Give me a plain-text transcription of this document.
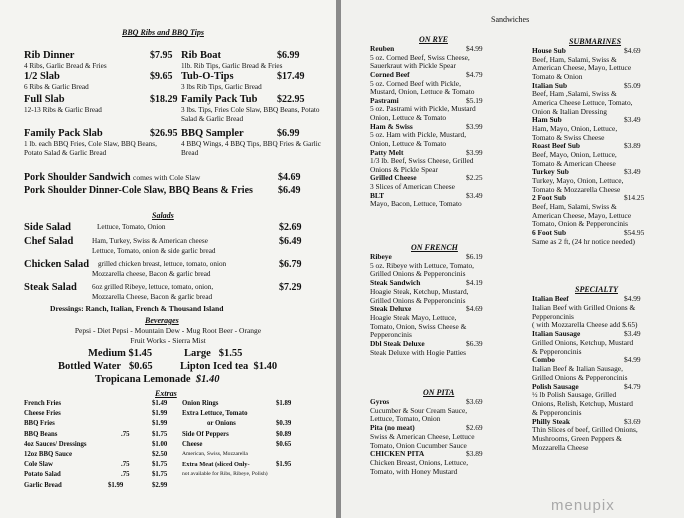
BBQ Ribs and BBQ Tips
Pork Shoulder Sandwich comes with Cole Slaw	$4.69
Pork Shoulder Dinner-Cole Slaw, BBQ Beans & Fries	$6.49
Salads
Dressings: Ranch, Italian, French & Thousand Island
Beverages
Pepsi - Diet Pepsi - Mountain Dew - Mug Root Beer - Orange
Fruit Works - Sierra Mist
Medium $1.45	Large $1.55
Bottled Water $0.65	Lipton Iced tea $1.40
Tropicana Lemonade $1.40
Extras
Rib Dinner	$7.95
4 Ribs, Garlic Bread & Fries
Rib Boat	$6.99
1lb. Rib Tips, Garlic Bread & Fries
1/2 Slab	$9.65
6 Ribs & Garlic Bread
Tub-O-Tips	$17.49
3 lbs Rib Tips, Garlic Bread
Full Slab	$18.29
12-13 Ribs & Garlic Bread
Family Pack Tub $22.95
3 lbs. Tips, Fries Cole Slaw, BBQ Beans, Potato Salad & Garlic Bread
Family Pack Slab	$26.95
1 lb. each BBQ Fries, Cole Slaw, BBQ Beans, Potato Salad & Garlic Bread
BBQ Sampler	$6.99
4 BBQ Wings, 4 BBQ Tips, BBQ Fries & Garlic Bread
Side Salad	Lettuce, Tomato, Onion	$2.69
Chef Salad	Ham, Turkey, Swiss & American cheese
Lettuce, Tomato, onion & side garlic bread
$6.49
Chicken Salad grilled chicken breast, lettuce, tomato, onion
Mozzarella cheese, Bacon & garlic bread
$6.79
Steak Salad 6oz grilled Ribeye, lettuce, tomato, onion,
Mozzarella Cheese, Bacon & garlic bread
$7.29
French Fries	$1.49
Cheese Fries	$1.99
BBQ Fries	$1.99
BBQ Beans	.75	$1.75
4oz Sauces/ Dressings	$1.00
12oz BBQ Sauce	$2.50
Cole Slaw	.75	$1.75
Potato Salad	.75	$1.75
Garlic Bread	$1.99	$2.99
Onion Rings	$1.89
Extra Lettuce, Tomato
or Onions	$0.39
Side Of Peppers	$0.89
Cheese	$0.65
American, Swiss, Mozzarella
Extra Meat (sliced Only-	$1.95
not available for Ribs, Ribeye, Polish)
Sandwiches
ON RYE
ON FRENCH
ON PITA
SUBMARINES
SPECIALTY
menupix
Reuben	$4.99
5 oz. Corned Beef, Swiss Cheese,
Sauerkraut with Pickle Spear
Corned Beef	$4.79
5 oz. Corned Beef with Pickle,
Mustard, Onion, Lettuce & Tomato
Pastrami	$5.19
5 oz. Pastrami with Pickle, Mustard
Onion, Lettuce & Tomato
Ham & Swiss	$3.99
5 oz. Ham with Pickle, Mustard,
Onion, Lettuce & Tomato
Patty Melt	$3.99
1/3 lb. Beef, Swiss Cheese, Grilled
Onions & Pickle Spear
Grilled Cheese	$2.25
3 Slices of American Cheese
BLT	$3.49
Mayo, Bacon, Lettuce, Tomato
Ribeye	$6.19
5 oz. Ribeye with Lettuce, Tomato,
Grilled Onions & Pepperoncinis
Steak Sandwich	$4.19
Hoagie Steak, Ketchup, Mustard,
Grilled Onions & Pepperoncinis
Steak Deluxe	$4.69
Hoagie Steak Mayo, Lettuce,
Tomato, Onion, Swiss Cheese &
Pepperoncinis
Dbl Steak Deluxe	$6.39
Steak Deluxe with Hogie Patties
Gyros	$3.69
Cucumber & Sour Cream Sauce,
Lettuce, Tomato, Onion
Pita (no meat)	$2.69
Swiss & American Cheese, Lettuce
Tomato, Onion Cucumber Sauce
CHICKEN PITA	$3.89
Chicken Breast, Onions, Lettuce,
Tomato, with Honey Mustard
House Sub	$4.69
Beef, Ham, Salami, Swiss &
American Cheese, Mayo, Lettuce
Tomato & Onion
Italian Sub	$5.09
Beef, Ham ,Salami, Swiss &
America Cheese Lettuce, Tomato,
Onion & Italian Dressing
Ham Sub	$3.49
Ham, Mayo, Onion, Lettuce,
Tomato & Swiss Cheese
Roast Beef Sub	$3.89
Beef, Mayo, Onion, Lettuce,
Tomato & American Cheese
Turkey Sub	$3.49
Turkey, Mayo, Onion, Lettuce,
Tomato & Mozzarella Cheese
2 Foot Sub	$14.25
Beef, Ham, Salami, Swiss &
American Cheese, Mayo, Lettuce
Tomato, Onion & Pepperoncinis
6 Foot Sub	$54.95
Same as 2 ft, (24 hr notice needed)
Italian Beef	$4.99
Italian Beef with Grilled Onions &
Pepperoncinis
( with Mozzarella Cheese add $.65)
Italian Sausage	$3.49
Grilled Onions, Ketchup, Mustard
& Pepperoncinis
Combo	$4.99
Italian Beef & Italian Sausage,
Grilled Onions & Pepperoncinis
Polish Sausage	$4.79
½ lb Polish Sausage, Grilled
Onions, Relish, Ketchup, Mustard
& Pepperoncinis
Philly Steak	$3.69
Thin Slices of beef, Grilled Onions,
Mushrooms, Green Peppers &
Mozzarella Cheese
